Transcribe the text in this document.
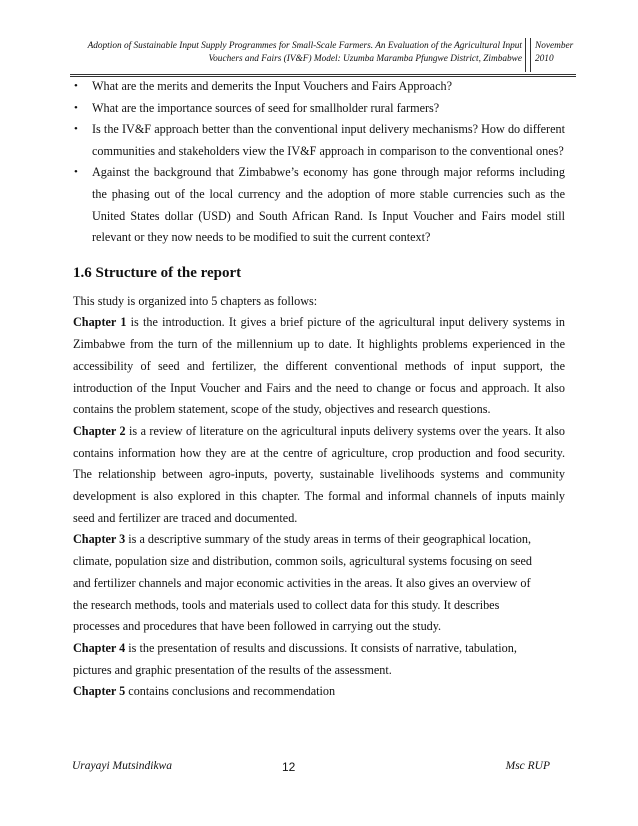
Adoption of Sustainable Input Supply Programmes for Small-Scale Farmers. An Evaluation of the Agricultural Input
Vouchers and Fairs (IV&F) Model: Uzumba Maramba Pfungwe District, Zimbabwe
November
2010
• What are the merits and demerits the Input Vouchers and Fairs Approach?
• What are the importance sources of seed for smallholder rural farmers?
• Is the IV&F approach better than the conventional input delivery mechanisms? How do different communities and stakeholders view the IV&F approach in comparison to the conventional ones?
• Against the background that Zimbabwe’s economy has gone through major reforms including the phasing out of the local currency and the adoption of more stable currencies such as the United States dollar (USD) and South African Rand. Is Input Voucher and Fairs model still relevant or they now needs to be modified to suit the current context?
1.6 Structure of the report

This study is organized into 5 chapters as follows:

Chapter 1 is the introduction. It gives a brief picture of the agricultural input delivery systems in Zimbabwe from the turn of the millennium up to date. It highlights problems experienced in the accessibility of seed and fertilizer, the different conventional methods of input support, the introduction of the Input Voucher and Fairs and the need to change or focus and approach. It also contains the problem statement, scope of the study, objectives and research questions.

Chapter 2 is a review of literature on the agricultural inputs delivery systems over the years. It also contains information how they are at the centre of agriculture, crop production and food security. The relationship between agro-inputs, poverty, sustainable livelihoods systems and community development is also explored in this chapter. The formal and informal channels of inputs mainly seed and fertilizer are traced and documented.

Chapter 3 is a descriptive summary of the study areas in terms of their geographical location,

climate, population size and distribution, common soils, agricultural systems focusing on seed

and fertilizer channels and major economic activities in the areas. It also gives an overview of

the research methods, tools and materials used to collect data for this study. It describes

processes and procedures that have been followed in carrying out the study.

Chapter 4 is the presentation of results and discussions. It consists of narrative, tabulation,

pictures and graphic presentation of the results of the assessment.

Chapter 5 contains conclusions and recommendation

Urayayi Mutsindikwa	12	Msc RUP
